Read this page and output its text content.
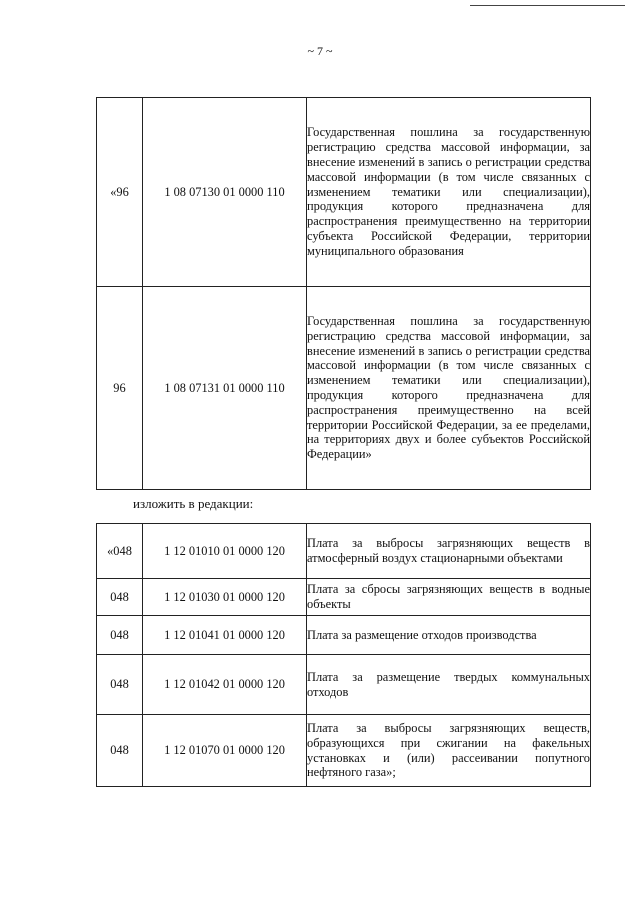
~ 7 ~
«96	1 08 07130 01 0000 110	Государственная пошлина за государственную регистрацию средства массовой информации, за внесение изменений в запись о регистрации средства массовой информации (в том числе связанных с изменением тематики или специализации), продукция которого предназначена для распространения преимущественно на территории субъекта Российской Федерации, территории муниципального образования
96	1 08 07131 01 0000 110	Государственная пошлина за государственную регистрацию средства массовой информации, за внесение изменений в запись о регистрации средства массовой информации (в том числе связанных с изменением тематики или специализации), продукция которого предназначена для распространения преимущественно на всей территории Российской Федерации, за ее пределами, на территориях двух и более субъектов Российской Федерации»
изложить в редакции:
«048	1 12 01010 01 0000 120	Плата за выбросы загрязняющих веществ в атмосферный воздух стационарными объектами
048	1 12 01030 01 0000 120	Плата за сбросы загрязняющих веществ в водные объекты
048	1 12 01041 01 0000 120	Плата за размещение отходов производства
048	1 12 01042 01 0000 120	Плата за размещение твердых коммунальных отходов
048	1 12 01070 01 0000 120	Плата за выбросы загрязняющих веществ, образующихся при сжигании на факельных установках и (или) рассеивании попутного нефтяного газа»;
